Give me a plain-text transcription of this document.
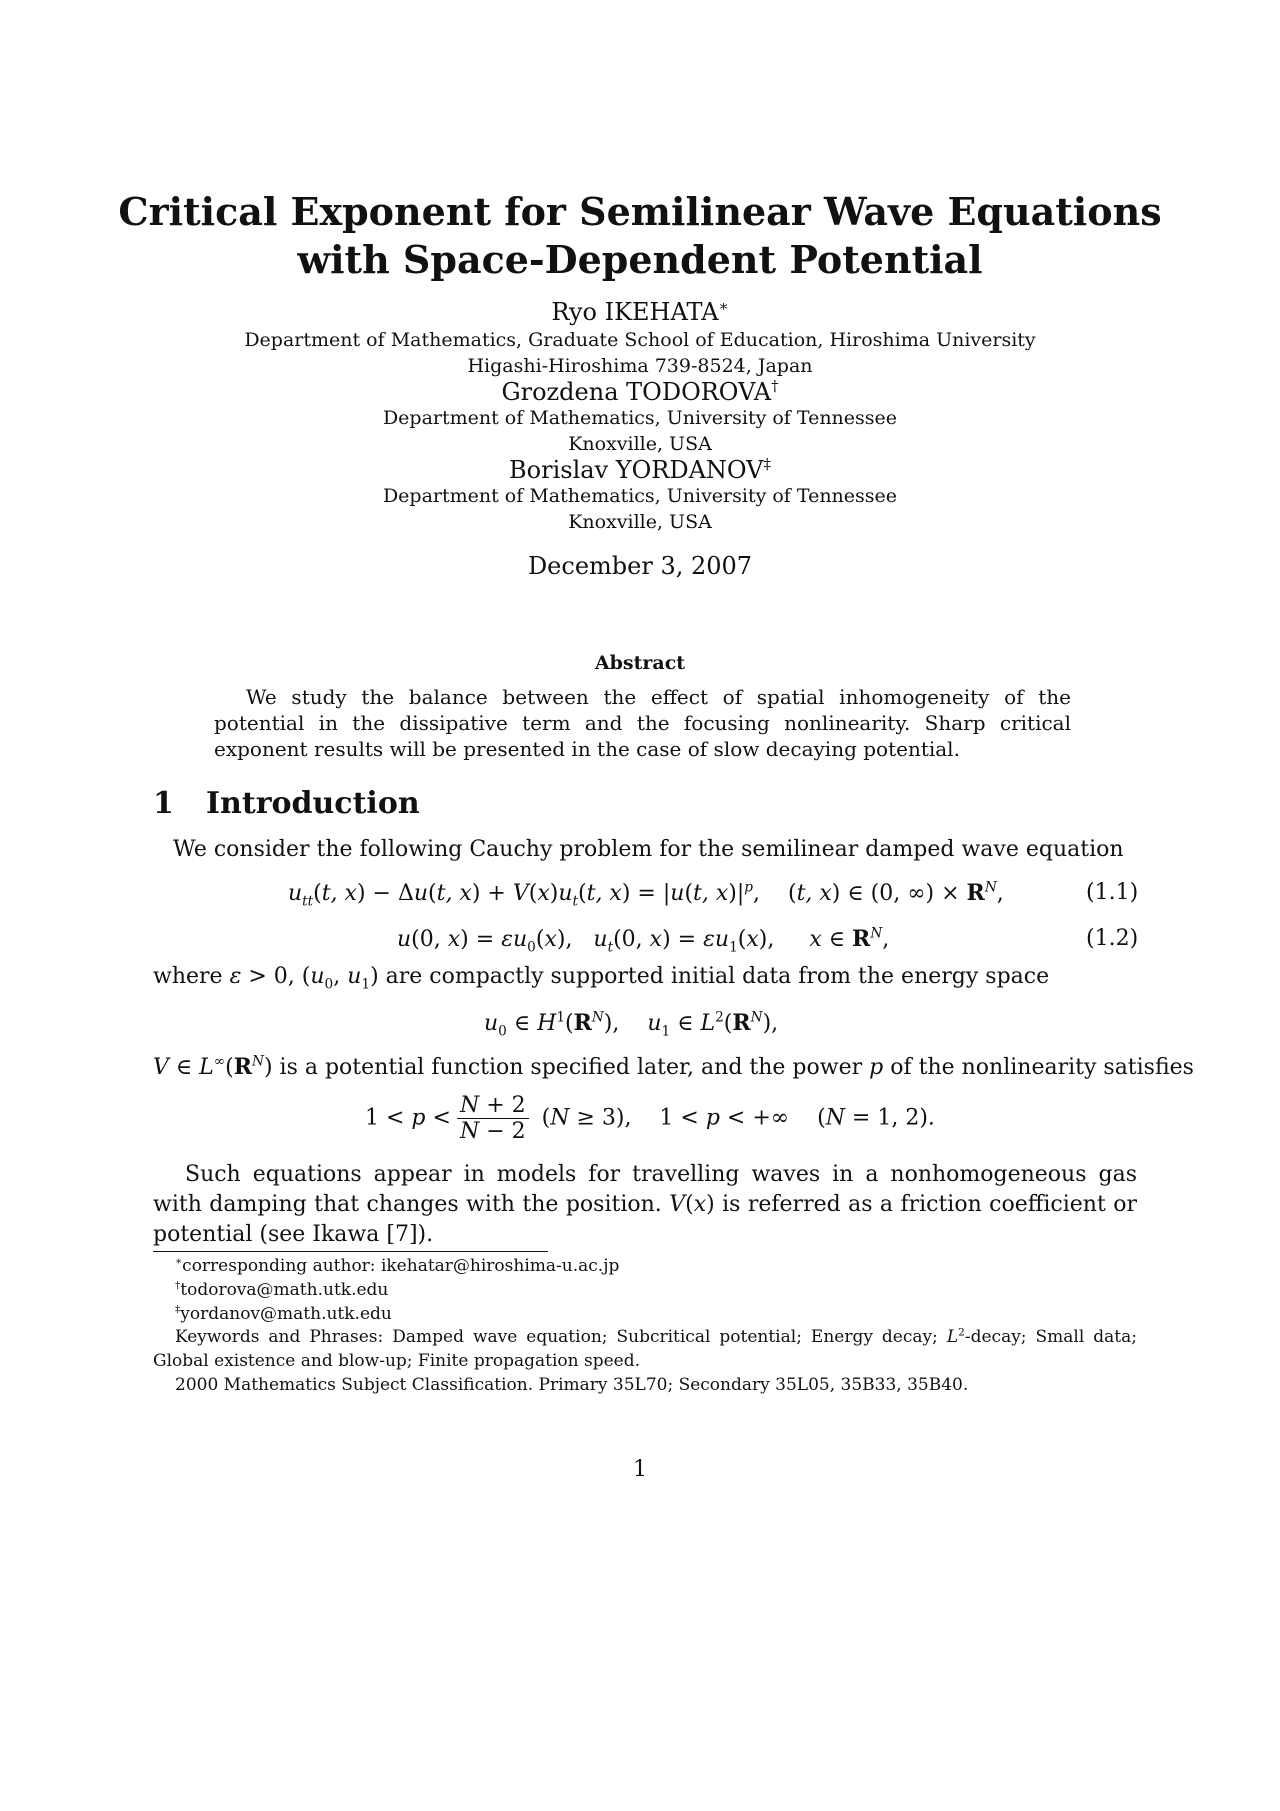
Critical Exponent for Semilinear Wave Equations
with Space-Dependent Potential
Ryo IKEHATA∗
Department of Mathematics, Graduate School of Education, Hiroshima University
Higashi-Hiroshima 739-8524, Japan
Grozdena TODOROVA†
Department of Mathematics, University of Tennessee
Knoxville, USA
Borislav YORDANOV‡
Department of Mathematics, University of Tennessee
Knoxville, USA
December 3, 2007
Abstract
We study the balance between the effect of spatial inhomogeneity of the potential in the dissipative term and the focusing nonlinearity. Sharp critical exponent results will be presented in the case of slow decaying potential.
1 Introduction
We consider the following Cauchy problem for the semilinear damped wave equation
$u_{tt}(t$, x) − Δu(t, $x) + V(x)u_t(t$, x) = |u(t, $x)|^p$,    (t, x) ∈ (0, ∞) × $R^N$,	(1.1)
u(0, $x) = \varepsilon u_0(x)$,   $u_t(0$, $x) = \varepsilon u_1(x)$,     x ∈ $R^N$,	(1.2)
where ε > 0, ($u_0$, $u_1$) are compactly supported initial data from the energy space
$u_0$ ∈ $H^1(R^N)$,    $u_1$ ∈ $L^2(R^N)$,
V ∈ $L^\infty(R^N)$ is a potential function specified later, and the power p of the nonlinearity satisfies
$1 < p < \frac{N + 2}{N - 2} (N \ge 3)$,    1 < p < +∞    (N = 1, 2).
Such equations appear in models for travelling waves in a nonhomogeneous gas with damping that changes with the position. V(x) is referred as a friction coefficient or potential (see Ikawa [7]).
∗corresponding author: ikehatar@hiroshima-u.ac.jp
†todorova@math.utk.edu
‡yordanov@math.utk.edu
Keywords and Phrases: Damped wave equation; Subcritical potential; Energy decay; $L^2$-decay; Small data; Global existence and blow-up; Finite propagation speed.
2000 Mathematics Subject Classification. Primary 35L70; Secondary 35L05, 35B33, 35B40.
1
